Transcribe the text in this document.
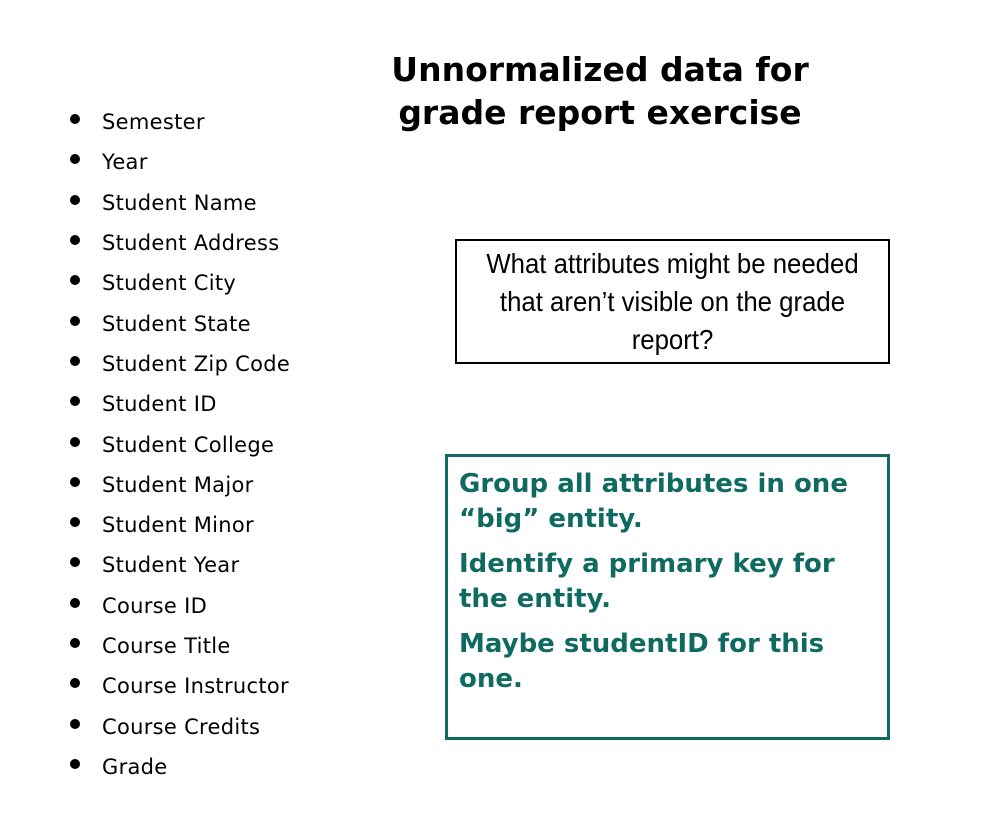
Unnormalized data for
grade report exercise
Semester
Year
Student Name
Student Address
Student City
Student State
Student Zip Code
Student ID
Student College
Student Major
Student Minor
Student Year
Course ID
Course Title
Course Instructor
Course Credits
Grade
What attributes might be needed that aren’t visible on the grade report?

Group all attributes in one “big” entity.

Identify a primary key for the entity.

Maybe studentID for this one.
